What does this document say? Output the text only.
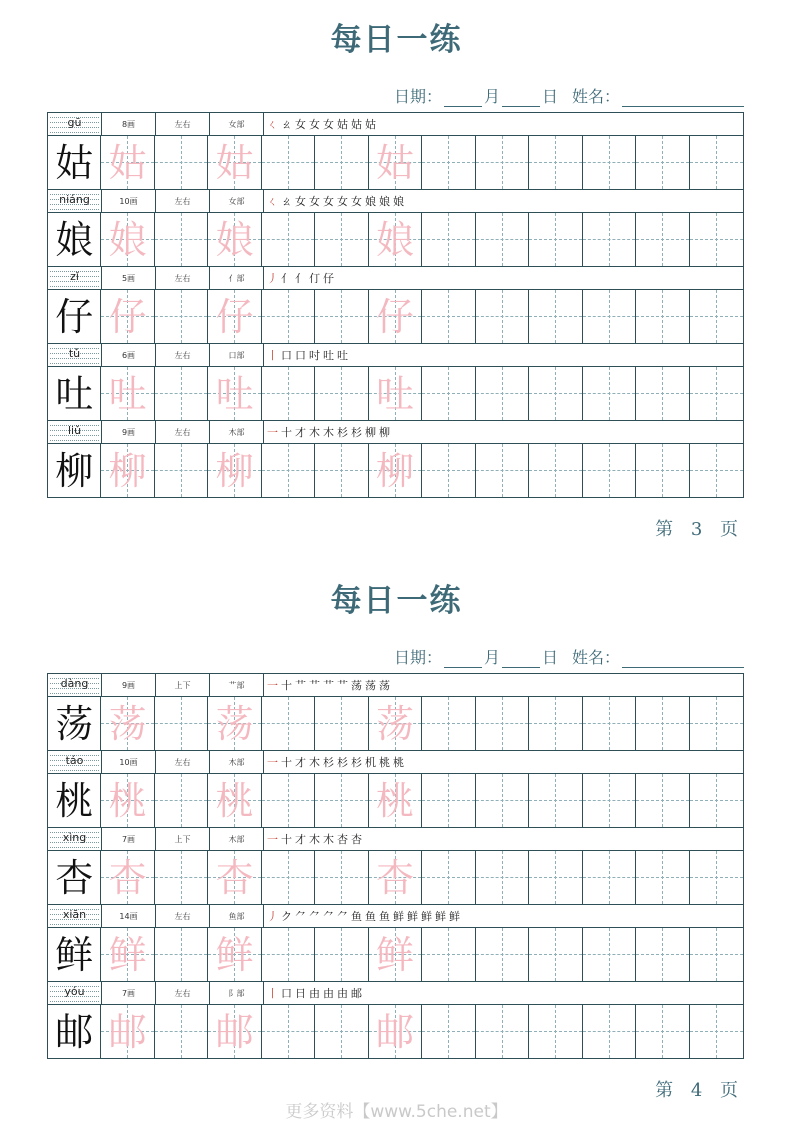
每日一练
日期：	月	日 姓名：
gū	8画	左右	女部	ㄑ ㄠ 女 女 女 姑 姑 姑
姑 姑 姑	姑
niáng	10画	左右	女部	ㄑ ㄠ 女 女 女 女 女 娘 娘 娘
娘 娘 娘	娘
zǐ	5画	左右	亻部	丿 亻 亻 仃 仔
仔 仔 仔	仔
tǔ	6画	左右	口部	丨 口 口 吋 吐 吐
吐 吐 吐	吐
liǔ	9画	左右	木部	一 十 才 木 木 杉 杉 柳 柳
柳 柳 柳	柳
第 3 页
每日一练
日期：	月	日 姓名：
dàng	9画	上下	艹部	一 十 艹 艹 艹 艹 荡 荡 荡
荡 荡 荡	荡
táo	10画	左右	木部	一 十 才 木 杉 杉 杉 机 桃 桃
桃 桃 桃	桃
xìng	7画	上下	木部	一 十 才 木 木 杏 杏
杏 杏 杏	杏
xiān	14画	左右	鱼部	丿 ク ⺈ ⺈ ⺈ ⺈ 鱼 鱼 鱼 鲜 鲜 鲜 鲜 鲜
鲜 鲜 鲜	鲜
yóu	7画	左右	阝部	丨 口 日 由 由 由 邮
邮 邮 邮	邮
第 4 页
更多资料【www.5che.net】
